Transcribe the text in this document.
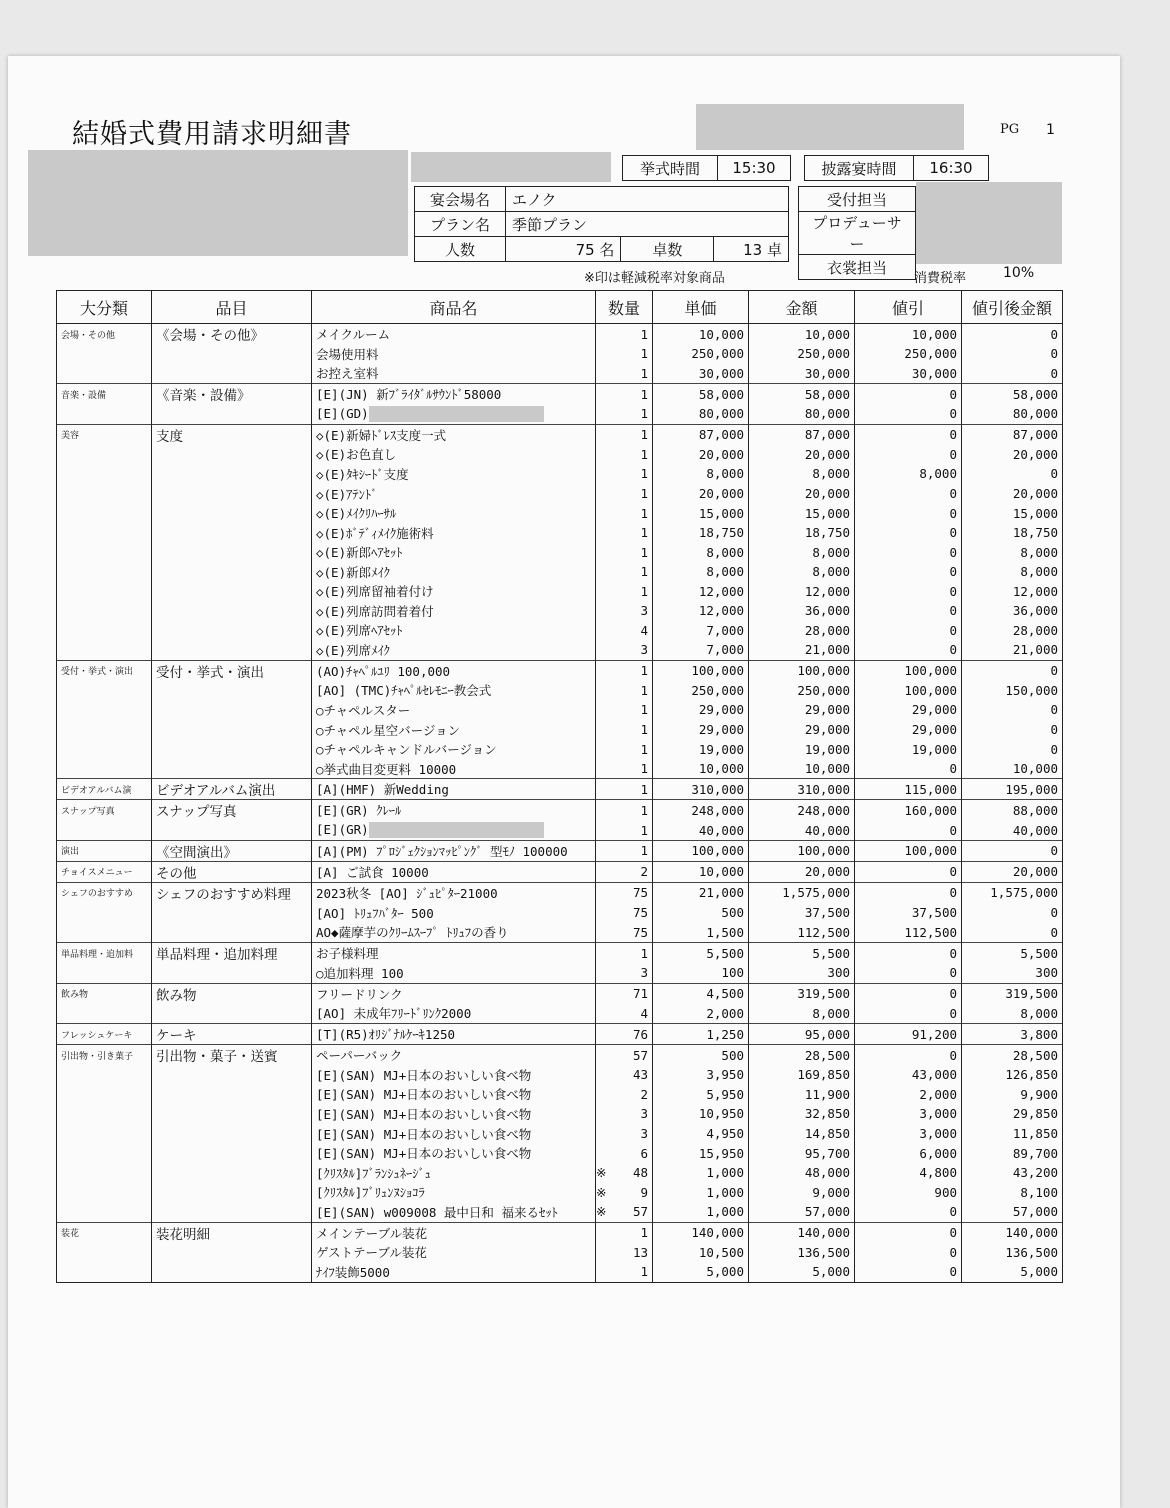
結婚式費用請求明細書	PG 1
挙式時間	15:30	披露宴時間	16:30
宴会場名	エノク		
プラン名	季節プラン		
人数	75 名	卓数	13 卓
受付担当
プロデューサー
衣裳担当
※印は軽減税率対象商品	消費税率	10%
大分類	品目	商品名	数量	単価	金額	値引	値引後金額
会場・その他	《会場・その他》	メイクルーム	1	10,000	10,000	10,000	0
		会場使用料	1	250,000	250,000	250,000	0
		お控え室料	1	30,000	30,000	30,000	0
音楽・設備	《音楽・設備》	[E](JN) 新ﾌﾞﾗｲﾀﾞﾙｻｳﾝﾄﾞ58000	1	58,000	58,000	0	58,000
		[E](GD)	1	80,000	80,000	0	80,000
美容	支度	◇(E)新婦ﾄﾞﾚｽ支度一式	1	87,000	87,000	0	87,000
		◇(E)お色直し	1	20,000	20,000	0	20,000
		◇(E)ﾀｷｼｰﾄﾞ支度	1	8,000	8,000	8,000	0
		◇(E)ｱﾃﾝﾄﾞ	1	20,000	20,000	0	20,000
		◇(E)ﾒｲｸﾘﾊｰｻﾙ	1	15,000	15,000	0	15,000
		◇(E)ﾎﾞﾃﾞｨﾒｲｸ施術料	1	18,750	18,750	0	18,750
		◇(E)新郎ﾍｱｾｯﾄ	1	8,000	8,000	0	8,000
		◇(E)新郎ﾒｲｸ	1	8,000	8,000	0	8,000
		◇(E)列席留袖着付け	1	12,000	12,000	0	12,000
		◇(E)列席訪問着着付	3	12,000	36,000	0	36,000
		◇(E)列席ﾍｱｾｯﾄ	4	7,000	28,000	0	28,000
		◇(E)列席ﾒｲｸ	3	7,000	21,000	0	21,000
受付・挙式・演出	受付・挙式・演出	(AO)ﾁｬﾍﾟﾙﾕﾘ 100,000	1	100,000	100,000	100,000	0
		[AO] (TMC)ﾁｬﾍﾟﾙｾﾚﾓﾆｰ教会式	1	250,000	250,000	100,000	150,000
		○チャペルスター	1	29,000	29,000	29,000	0
		○チャペル星空バージョン	1	29,000	29,000	29,000	0
		○チャペルキャンドルバージョン	1	19,000	19,000	19,000	0
		○挙式曲目変更料 10000	1	10,000	10,000	0	10,000
ビデオアルバム演	ビデオアルバム演出	[A](HMF) 新Wedding	1	310,000	310,000	115,000	195,000
スナップ写真	スナップ写真	[E](GR) ｸﾚｰﾙ	1	248,000	248,000	160,000	88,000
		[E](GR)	1	40,000	40,000	0	40,000
演出	《空間演出》	[A](PM) ﾌﾟﾛｼﾞｪｸｼｮﾝﾏｯﾋﾟﾝｸﾞ 型ﾓﾉ 100000	1	100,000	100,000	100,000	0
チョイスメニュー	その他	[A] ご試食 10000	2	10,000	20,000	0	20,000
シェフのおすすめ	シェフのおすすめ料理	2023秋冬 [AO] ｼﾞｭﾋﾟﾀｰ21000	75	21,000	1,575,000	0	1,575,000
		[AO] ﾄﾘｭﾌﾊﾞﾀｰ 500	75	500	37,500	37,500	0
		AO◆薩摩芋のｸﾘｰﾑｽｰﾌﾟ ﾄﾘｭﾌの香り	75	1,500	112,500	112,500	0
単品料理・追加料	単品料理・追加料理	お子様料理	1	5,500	5,500	0	5,500
		○追加料理 100	3	100	300	0	300
飲み物	飲み物	フリードリンク	71	4,500	319,500	0	319,500
		[AO] 未成年ﾌﾘｰﾄﾞﾘﾝｸ2000	4	2,000	8,000	0	8,000
フレッシュケーキ	ケーキ	[T](R5)ｵﾘｼﾞﾅﾙｹｰｷ1250	76	1,250	95,000	91,200	3,800
引出物・引き菓子	引出物・菓子・送賓	ペーパーバック	57	500	28,500	0	28,500
		[E](SAN) MJ+日本のおいしい食べ物	43	3,950	169,850	43,000	126,850
		[E](SAN) MJ+日本のおいしい食べ物	2	5,950	11,900	2,000	9,900
		[E](SAN) MJ+日本のおいしい食べ物	3	10,950	32,850	3,000	29,850
		[E](SAN) MJ+日本のおいしい食べ物	3	4,950	14,850	3,000	11,850
		[E](SAN) MJ+日本のおいしい食べ物	6	15,950	95,700	6,000	89,700
		[ｸﾘｽﾀﾙ]ﾌﾞﾗﾝｼｭﾈｰｼﾞｭ	※ 48	1,000	48,000	4,800	43,200
		[ｸﾘｽﾀﾙ]ﾌﾞﾘｭﾝﾇｼｮｺﾗ	※ 9	1,000	9,000	900	8,100
		[E](SAN) w009008 最中日和 福来るｾｯﾄ	※ 57	1,000	57,000	0	57,000
装花	装花明細	メインテーブル装花	1	140,000	140,000	0	140,000
		ゲストテーブル装花	13	10,500	136,500	0	136,500
		ﾅｲﾌ装飾5000	1	5,000	5,000	0	5,000
